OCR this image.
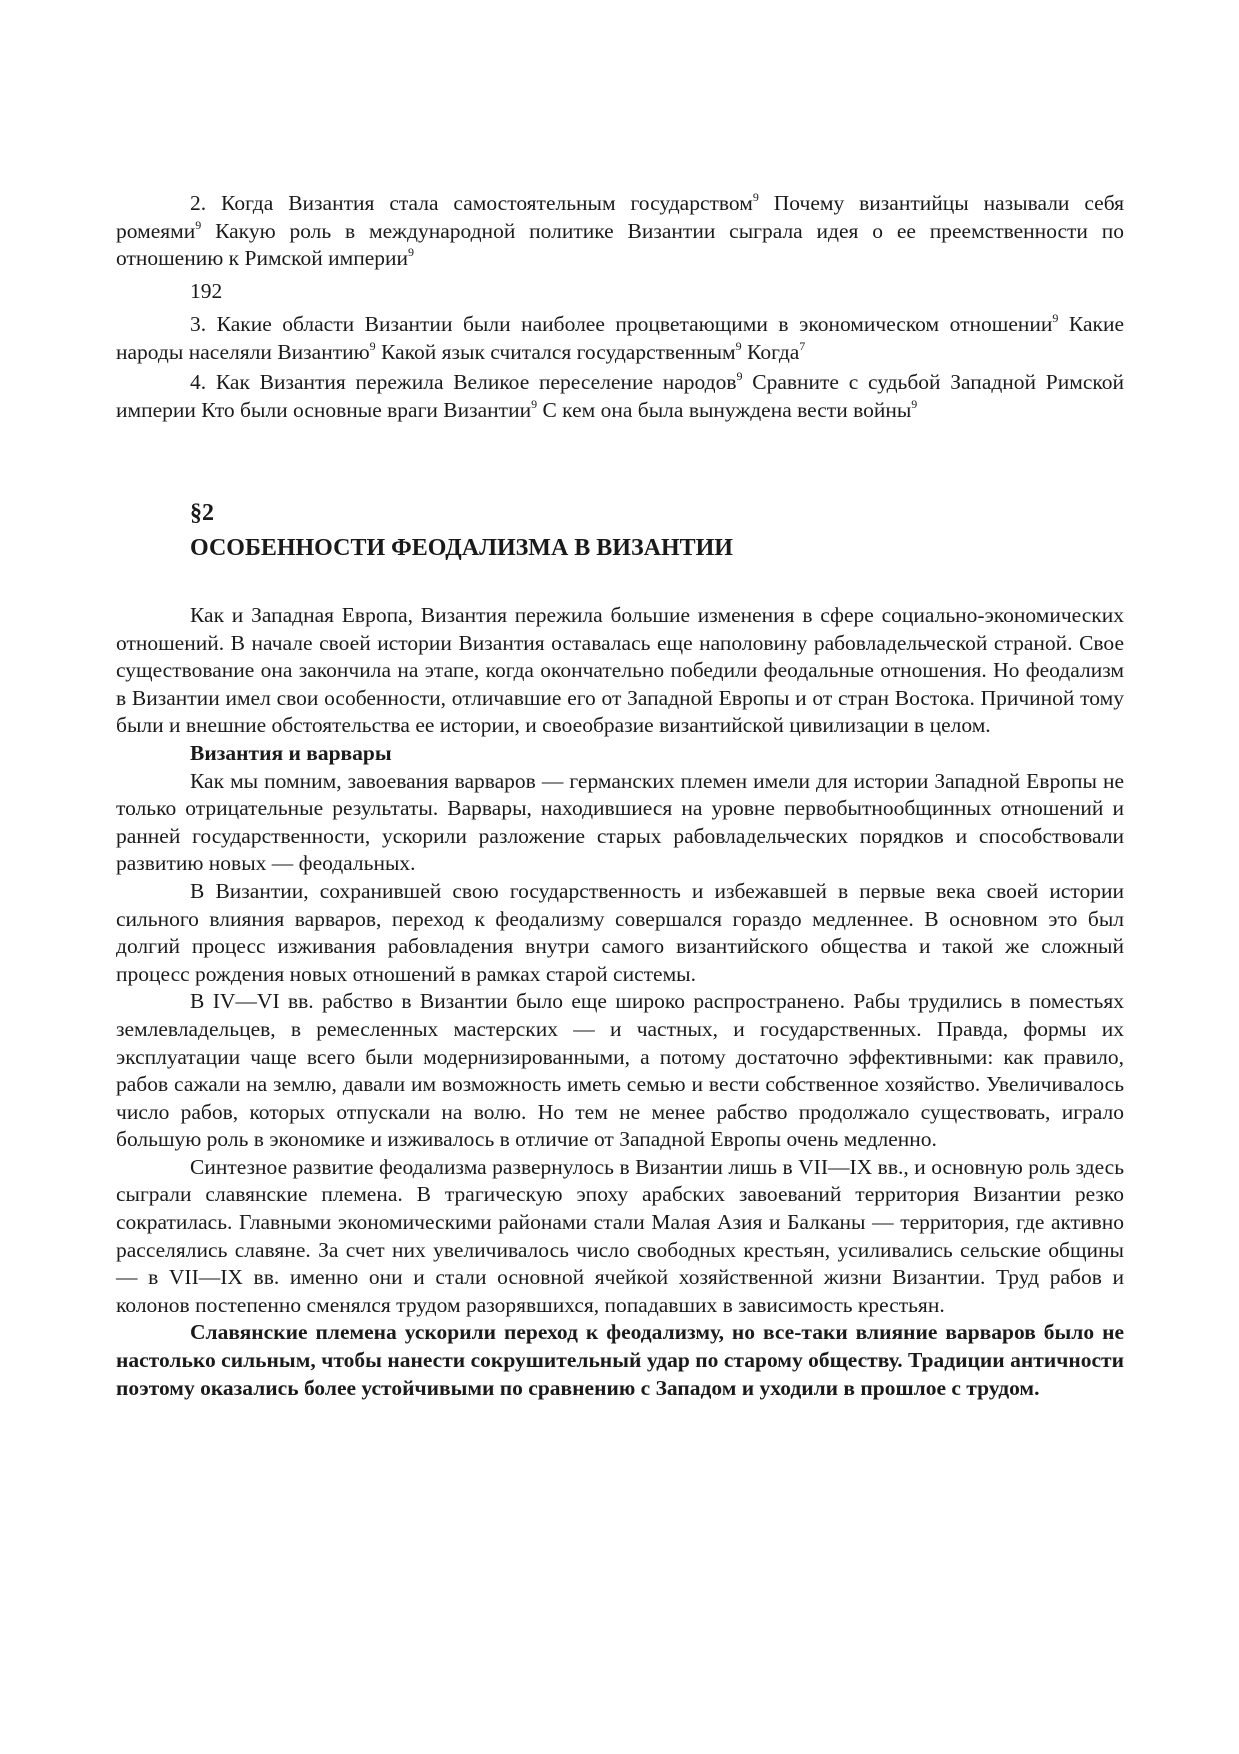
2. Когда Византия стала самостоятельным государством$^9$ Почему византийцы называли себя ромеями$^9$ Какую роль в международной политике Византии сыграла идея о ее преемственности по отношению к Римской империи$^9$
192
3. Какие области Византии были наиболее процветающими в экономическом отношении$^9$ Какие народы населяли Византию$^9$ Какой язык считался государственным$^9$ Когда$^7$
4. Как Византия пережила Великое переселение народов$^9$ Сравните с судьбой Западной Римской империи Кто были основные враги Византии$^9$ С кем она была вынуждена вести войны$^9$
§2
ОСОБЕННОСТИ ФЕОДАЛИЗМА В ВИЗАНТИИ

Как и Западная Европа, Византия пережила большие изменения в сфере социально-экономических отношений. В начале своей истории Византия оставалась еще наполовину рабовладельческой страной. Свое существование она закончила на этапе, когда окончательно победили феодальные отношения. Но феодализм в Византии имел свои особенности, отличавшие его от Западной Европы и от стран Востока. Причиной тому были и внешние обстоятельства ее истории, и своеобразие византийской цивилизации в целом.

Византия и варвары

Как мы помним, завоевания варваров — германских племен имели для истории Западной Европы не только отрицательные результаты. Варвары, находившиеся на уровне первобытнообщинных отношений и ранней государственности, ускорили разложение старых рабовладельческих порядков и способствовали развитию новых — феодальных.

В Византии, сохранившей свою государственность и избежавшей в первые века своей истории сильного влияния варваров, переход к феодализму совершался гораздо медленнее. В основном это был долгий процесс изживания рабовладения внутри самого византийского общества и такой же сложный процесс рождения новых отношений в рамках старой системы.

В IV—VI вв. рабство в Византии было еще широко распространено. Рабы трудились в поместьях землевладельцев, в ремесленных мастерских — и частных, и государственных. Правда, формы их эксплуатации чаще всего были модернизированными, а потому достаточно эффективными: как правило, рабов сажали на землю, давали им возможность иметь семью и вести собственное хозяйство. Увеличивалось число рабов, которых отпускали на волю. Но тем не менее рабство продолжало существовать, играло большую роль в экономике и изживалось в отличие от Западной Европы очень медленно.

Синтезное развитие феодализма развернулось в Византии лишь в VII—IX вв., и основную роль здесь сыграли славянские племена. В трагическую эпоху арабских завоеваний территория Византии резко сократилась. Главными экономическими районами стали Малая Азия и Балканы — территория, где активно расселялись славяне. За счет них увеличивалось число свободных крестьян, усиливались сельские общины — в VII—IX вв. именно они и стали основной ячейкой хозяйственной жизни Византии. Труд рабов и колонов постепенно сменялся трудом разорявшихся, попадавших в зависимость крестьян.

Славянские племена ускорили переход к феодализму, но все-таки влияние варваров было не настолько сильным, чтобы нанести сокрушительный удар по старому обществу. Традиции античности поэтому оказались более устойчивыми по сравнению с Западом и уходили в прошлое с трудом.
